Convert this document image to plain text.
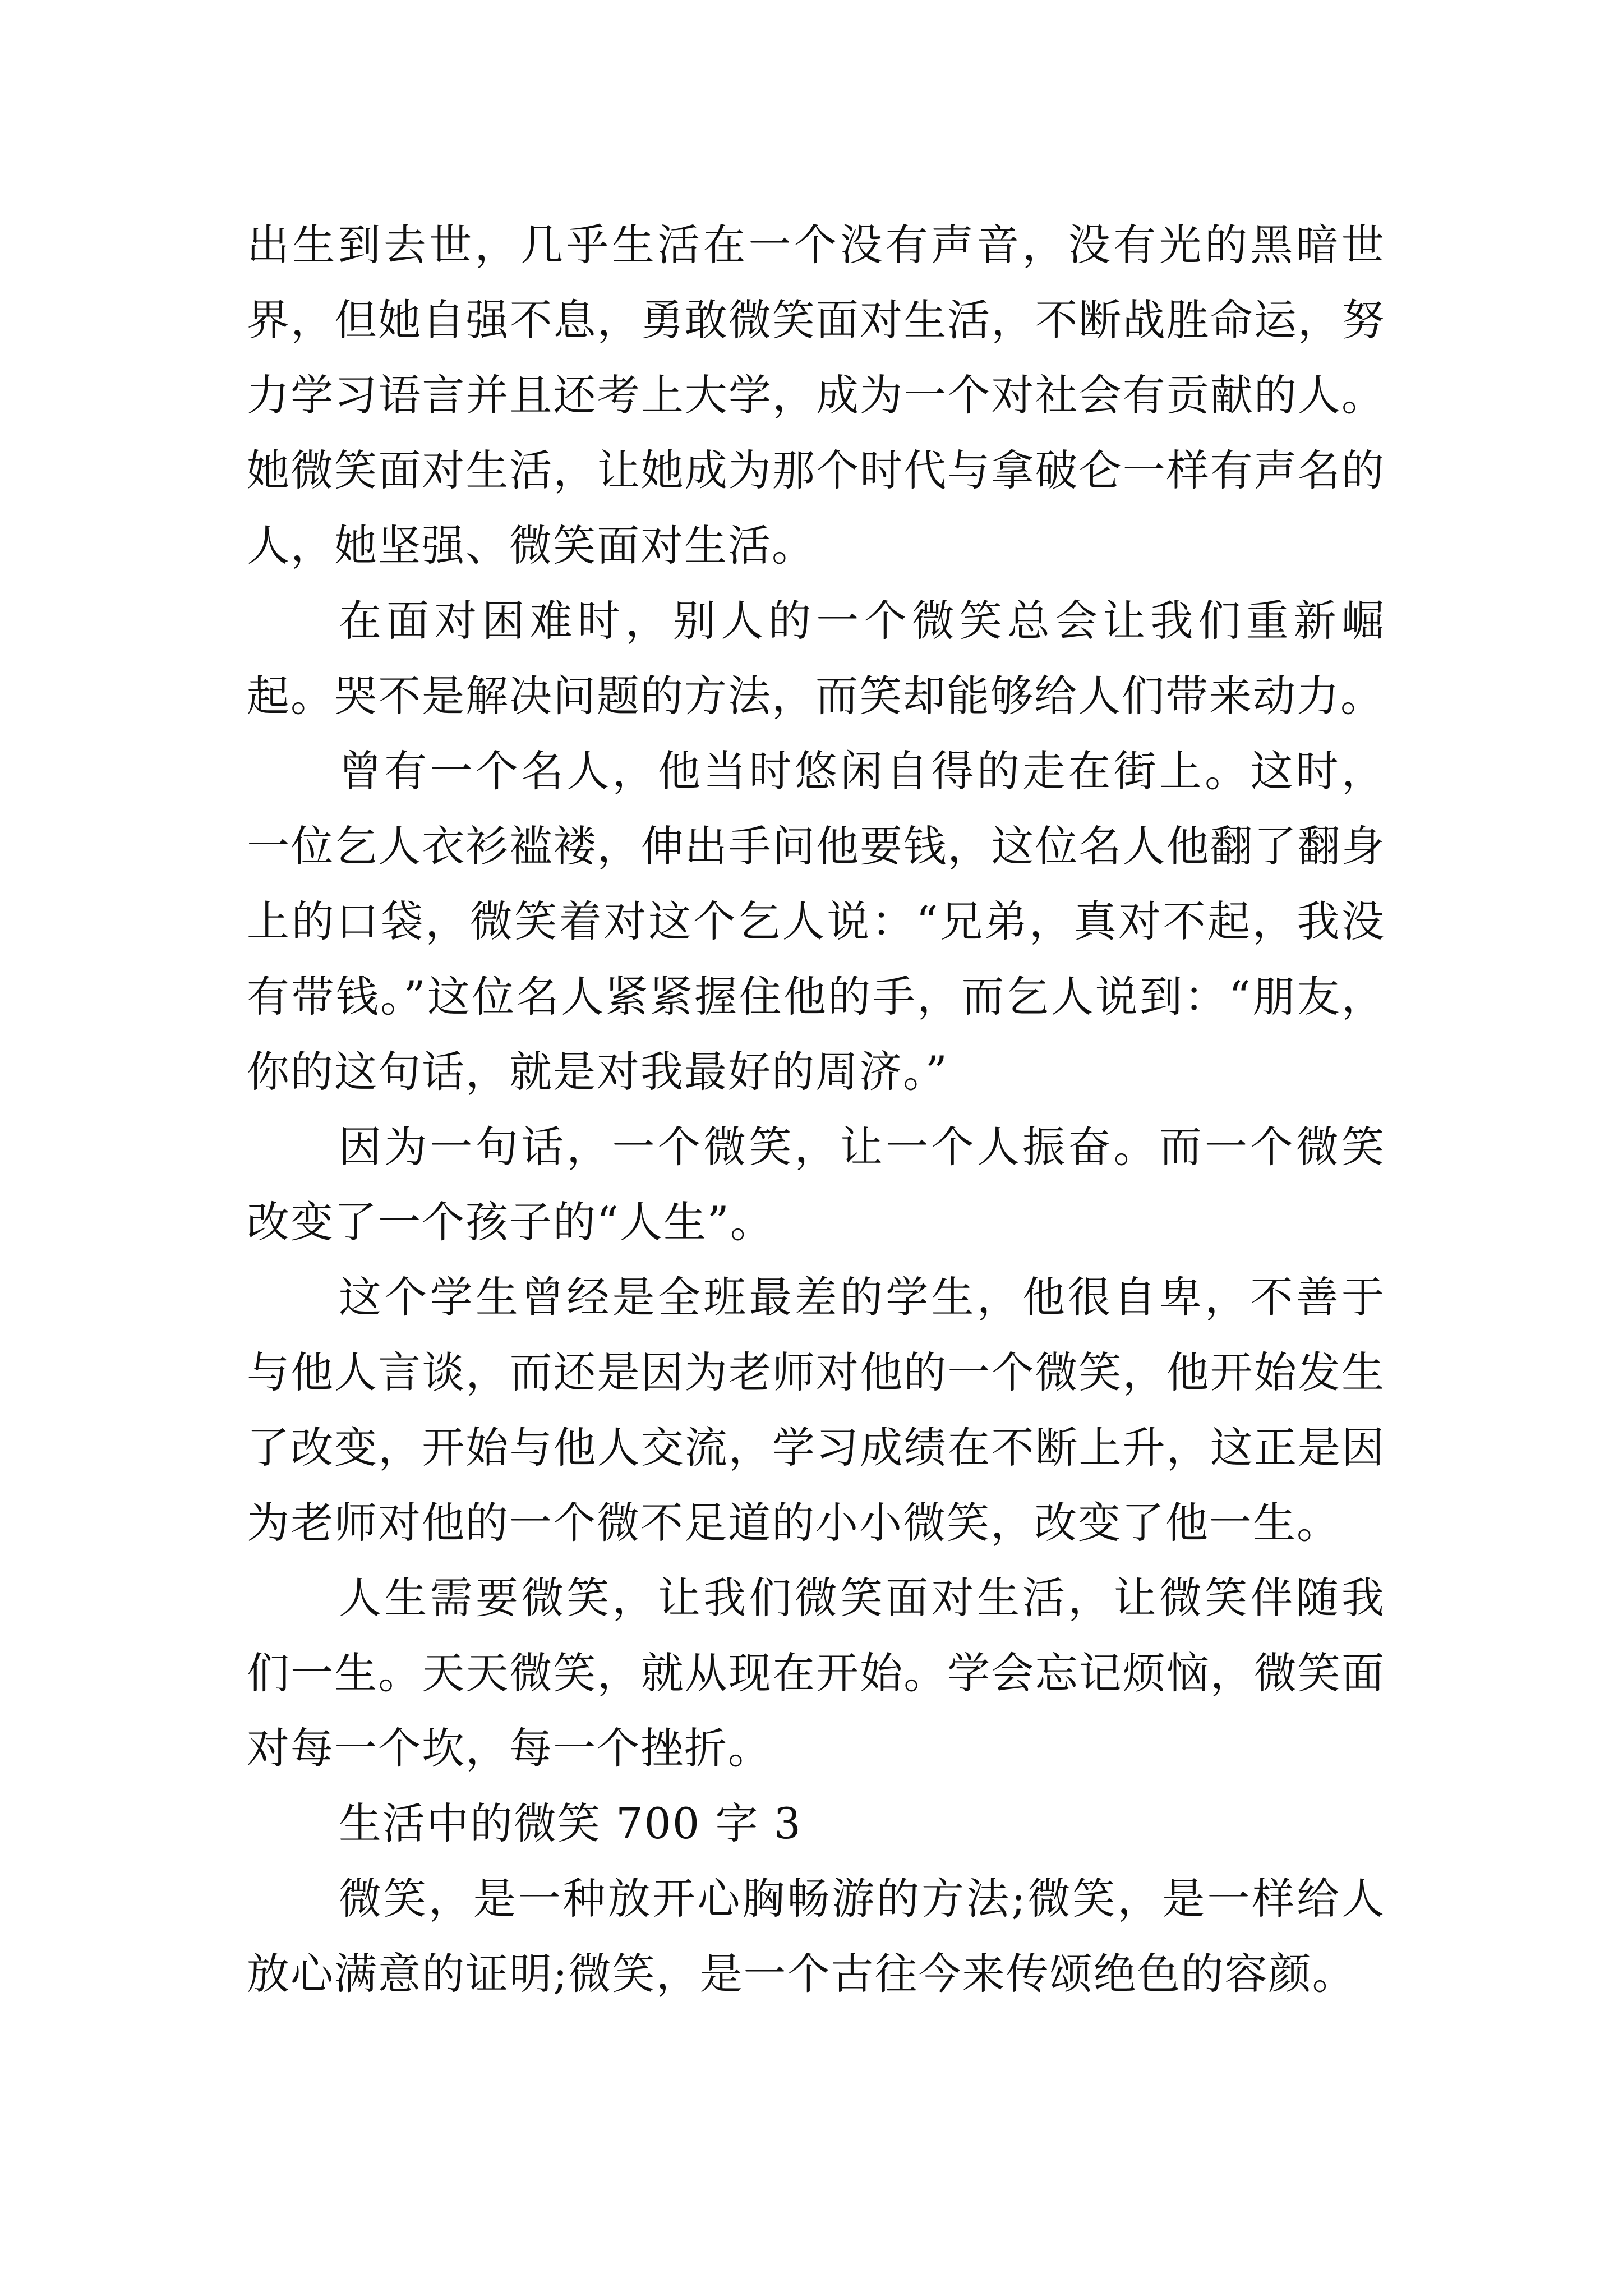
出生到去世，几乎生活在一个没有声音，没有光的黑暗世界，但她自强不息，勇敢微笑面对生活，不断战胜命运，努力学习语言并且还考上大学，成为一个对社会有贡献的人。她微笑面对生活，让她成为那个时代与拿破仑一样有声名的人，她坚强、微笑面对生活。

在面对困难时，别人的一个微笑总会让我们重新崛起。哭不是解决问题的方法，而笑却能够给人们带来动力。

曾有一个名人，他当时悠闲自得的走在街上。这时，一位乞人衣衫褴褛，伸出手问他要钱，这位名人他翻了翻身上的口袋，微笑着对这个乞人说：“兄弟，真对不起，我没有带钱。”这位名人紧紧握住他的手，而乞人说到：“朋友，你的这句话，就是对我最好的周济。”

因为一句话，一个微笑，让一个人振奋。而一个微笑改变了一个孩子的“人生”。

这个学生曾经是全班最差的学生，他很自卑，不善于与他人言谈，而还是因为老师对他的一个微笑，他开始发生了改变，开始与他人交流，学习成绩在不断上升，这正是因为老师对他的一个微不足道的小小微笑，改变了他一生。

人生需要微笑，让我们微笑面对生活，让微笑伴随我们一生。天天微笑，就从现在开始。学会忘记烦恼，微笑面对每一个坎，每一个挫折。

生活中的微笑 700 字 3

微笑，是一种放开心胸畅游的方法;微笑，是一样给人放心满意的证明;微笑，是一个古往今来传颂绝色的容颜。
